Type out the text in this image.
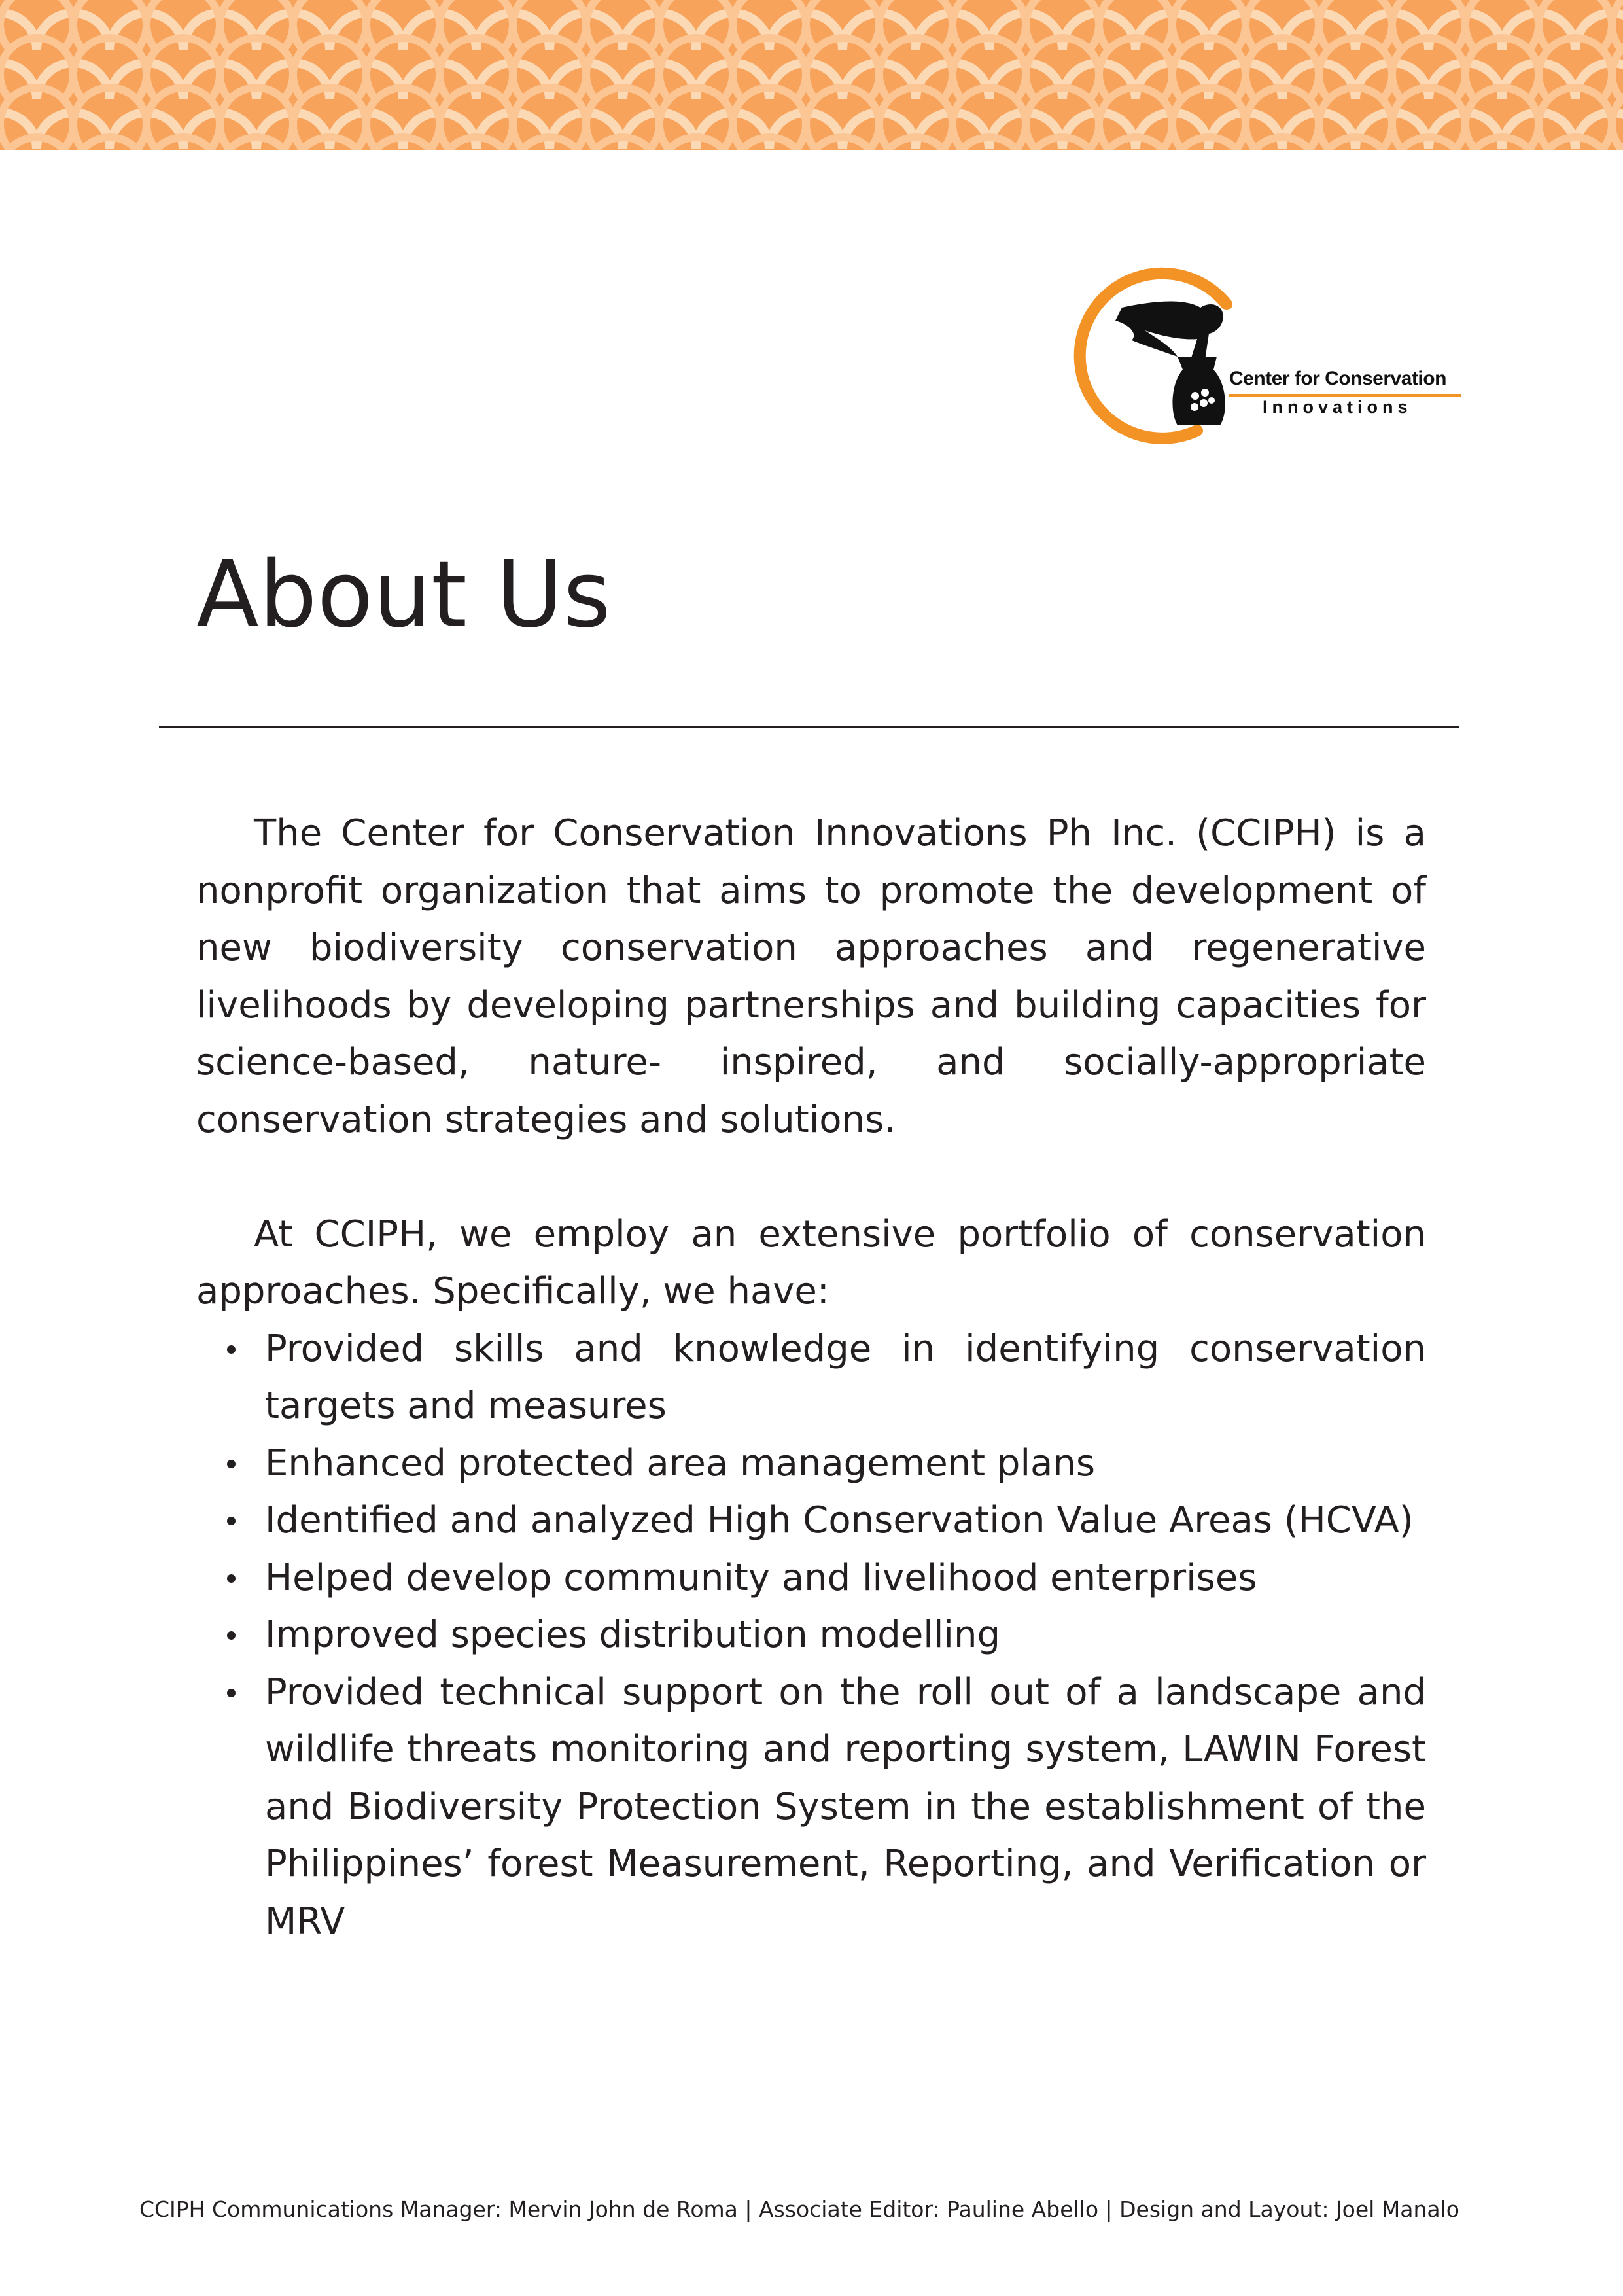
Center for Conservation
Innovations
About Us

The Center for Conservation Innovations Ph Inc. (CCIPH) is a nonprofit organization that aims to promote the development of new biodiversity conservation approaches and regenerative livelihoods by developing partnerships and building capacities for science-based, nature- inspired, and socially-appropriate conservation strategies and solutions.

At CCIPH, we employ an extensive portfolio of conservation approaches. Specifically, we have:

Provided skills and knowledge in identifying conservation targets and measures
Enhanced protected area management plans
Identified and analyzed High Conservation Value Areas (HCVA)
Helped develop community and livelihood enterprises
Improved species distribution modelling
Provided technical support on the roll out of a landscape and wildlife threats monitoring and reporting system, LAWIN Forest and Biodiversity Protection System in the establishment of the Philippines’ forest Measurement, Reporting, and Verification or MRV
CCIPH Communications Manager: Mervin John de Roma | Associate Editor: Pauline Abello | Design and Layout: Joel Manalo
